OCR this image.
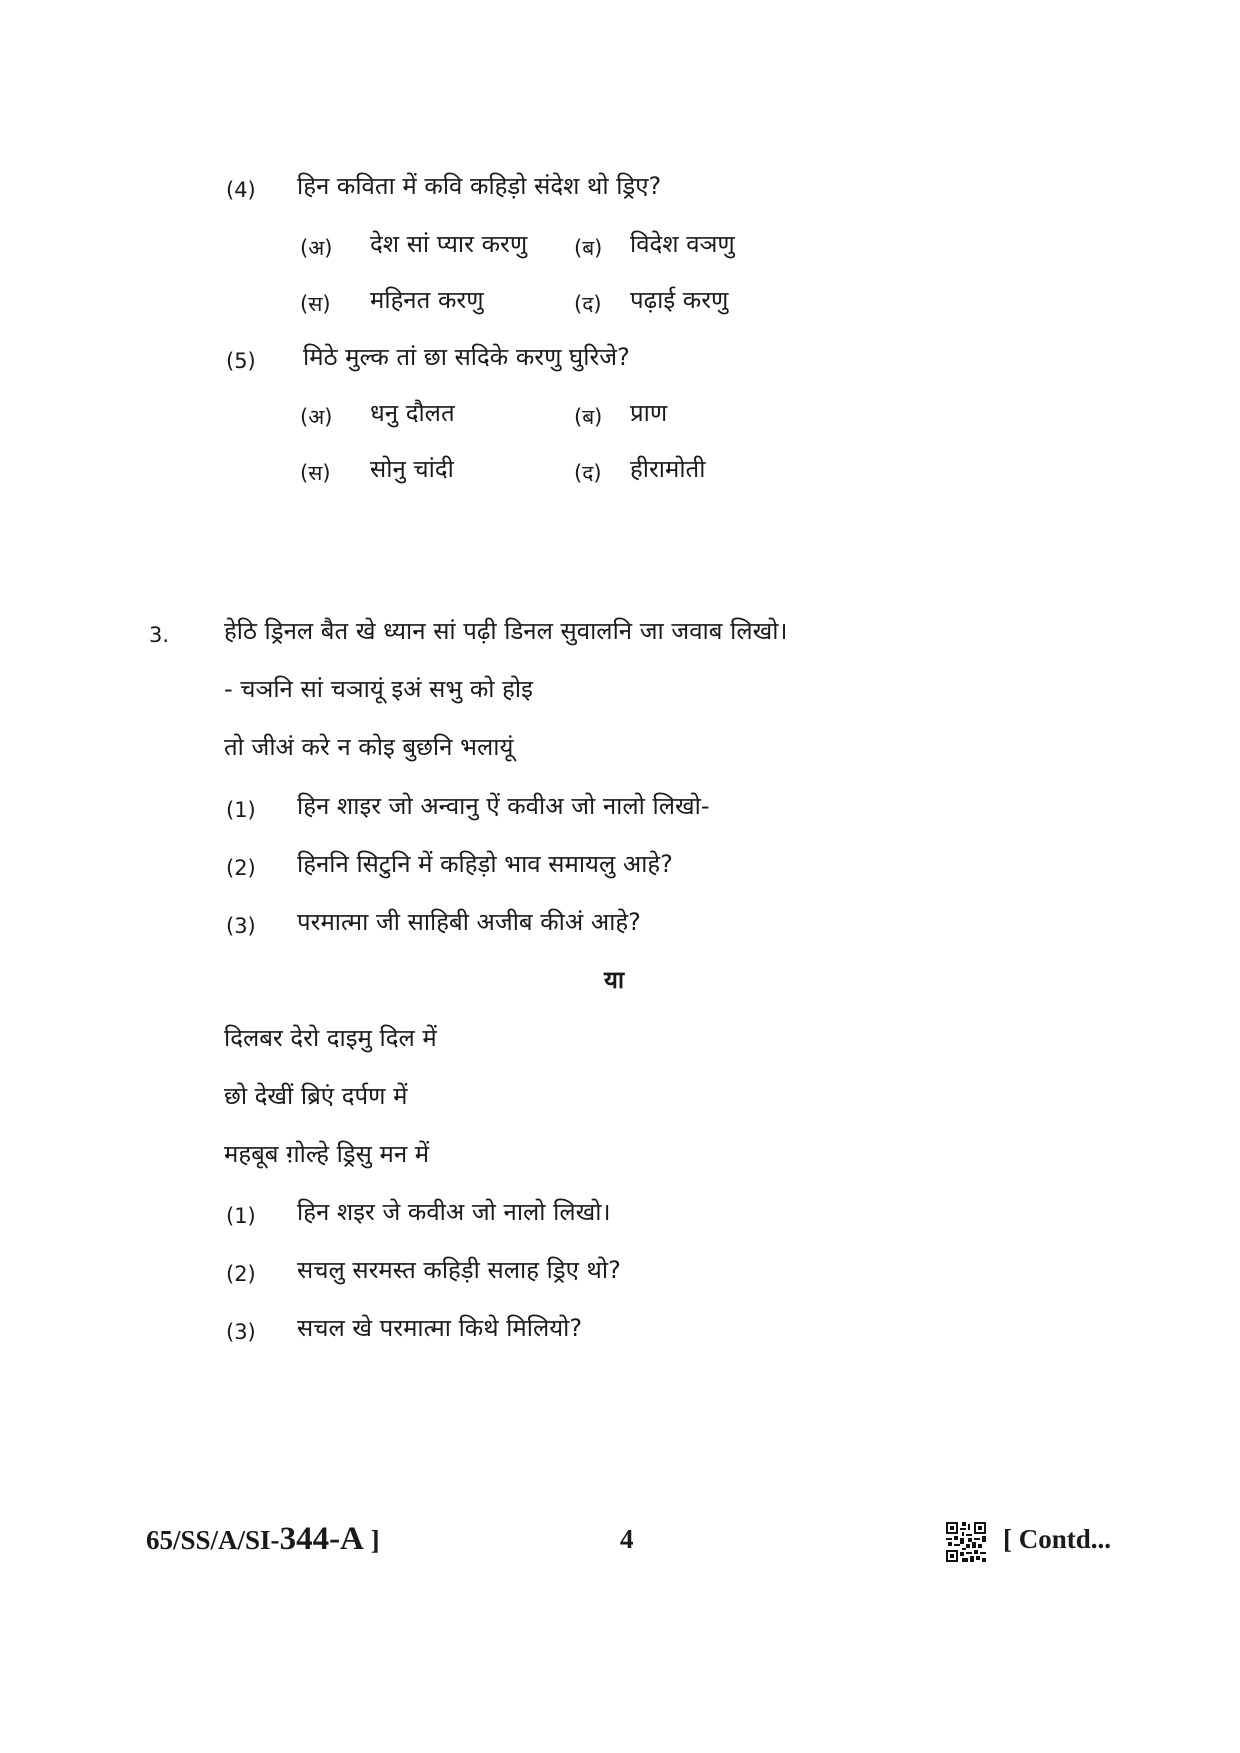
(4) हिन कविता में कवि कहिड़ो संदेश थो ड्रिए?
(अ) देश सां प्यार करणु (ब) विदेश वञणु
(स) महिनत करणु	(द) पढ़ाई करणु
(5) मिठे मुल्क तां छा सदिके करणु घुरिजे?
(अ) धनु दौलत	(ब) प्राण
(स) सोनु चांदी	(द) हीरामोती
3. हेठि ड्रिनल बैत खे ध्यान सां पढ़ी डिनल सुवालनि जा जवाब लिखो।
- चञनि सां चञायूं इअं सभु को होइ
तो जीअं करे न कोइ बुछनि भलायूं
(1) हिन शाइर जो अन्वानु ऐं कवीअ जो नालो लिखो-
(2) हिननि सिटुनि में कहिड़ो भाव समायलु आहे?
(3) परमात्मा जी साहिबी अजीब कीअं आहे?
या
दिलबर देरो दाइमु दिल में
छो देखीं ब्रिएं दर्पण में
महबूब ग़ोल्हे ड्रिसु मन में
(1) हिन शइर जे कवीअ जो नालो लिखो।
(2) सचलु सरमस्त कहिड़ी सलाह ड्रिए थो?
(3) सचल खे परमात्मा किथे मिलियो?
65/SS/A/SI-344-A ]	4	[ Contd...
